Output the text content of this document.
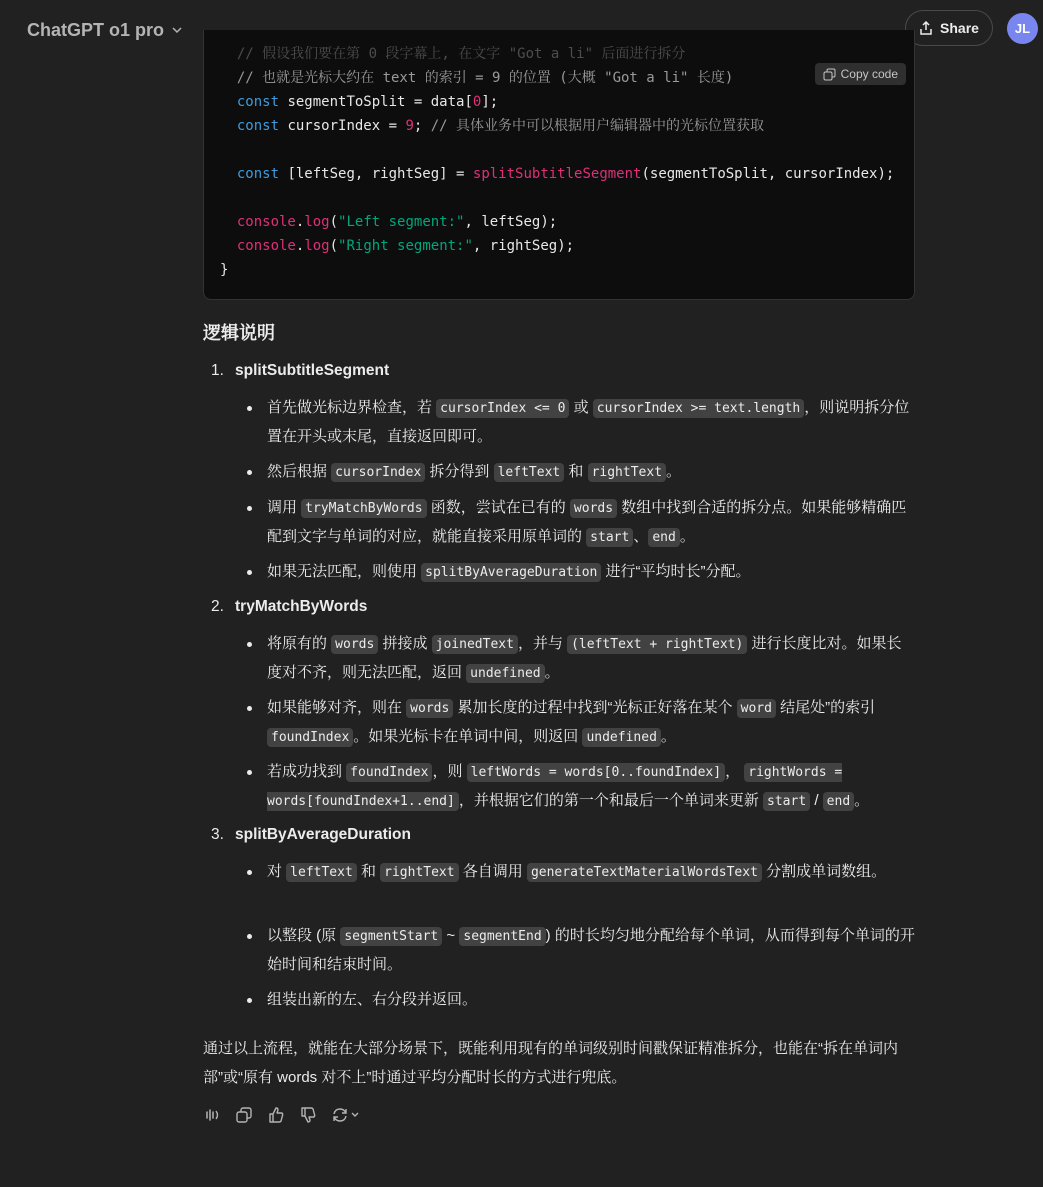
ChatGPT o1 pro	Share	JL
// 假设我们要在第 0 段字幕上, 在文字 "Got a li" 后面进行拆分
// 也就是光标大约在 text 的索引 = 9 的位置 (大概 "Got a li" 长度)
const segmentToSplit = data[0];
const cursorIndex = 9; // 具体业务中可以根据用户编辑器中的光标位置获取

const [leftSeg, rightSeg] = splitSubtitleSegment(segmentToSplit, cursorIndex);

console.log("Left segment:", leftSeg);
console.log("Right segment:", rightSeg);
}
Copy code
逻辑说明
1. splitSubtitleSegment
首先做光标边界检查，若 cursorIndex <= 0 或 cursorIndex >= text.length ，则说明拆分位置在开头或末尾，直接返回即可。
然后根据 cursorIndex 拆分得到 leftText 和 rightText 。
调用 tryMatchByWords 函数，尝试在已有的 words 数组中找到合适的拆分点。如果能够精确匹配到文字与单词的对应，就能直接采用原单词的 start 、 end 。
如果无法匹配，则使用 splitByAverageDuration 进行“平均时长”分配。
2. tryMatchByWords
将原有的 words 拼接成 joinedText ，并与 (leftText + rightText) 进行长度比对。如果长度对不齐，则无法匹配，返回 undefined 。
如果能够对齐，则在 words 累加长度的过程中找到“光标正好落在某个 word 结尾处”的索引 foundIndex 。如果光标卡在单词中间，则返回 undefined 。
若成功找到 foundIndex ，则 leftWords = words[0..foundIndex] ， rightWords = words[foundIndex+1..end] ，并根据它们的第一个和最后一个单词来更新 start / end 。
3. splitByAverageDuration
对 leftText 和 rightText 各自调用 generateTextMaterialWordsText 分割成单词数组。
以整段 (原 segmentStart ~ segmentEnd ) 的时长均匀地分配给每个单词，从而得到每个单词的开始时间和结束时间。
组装出新的左、右分段并返回。
通过以上流程，就能在大部分场景下，既能利用现有的单词级别时间戳保证精准拆分，也能在“拆在单词内部”或“原有 words 对不上”时通过平均分配时长的方式进行兜底。
